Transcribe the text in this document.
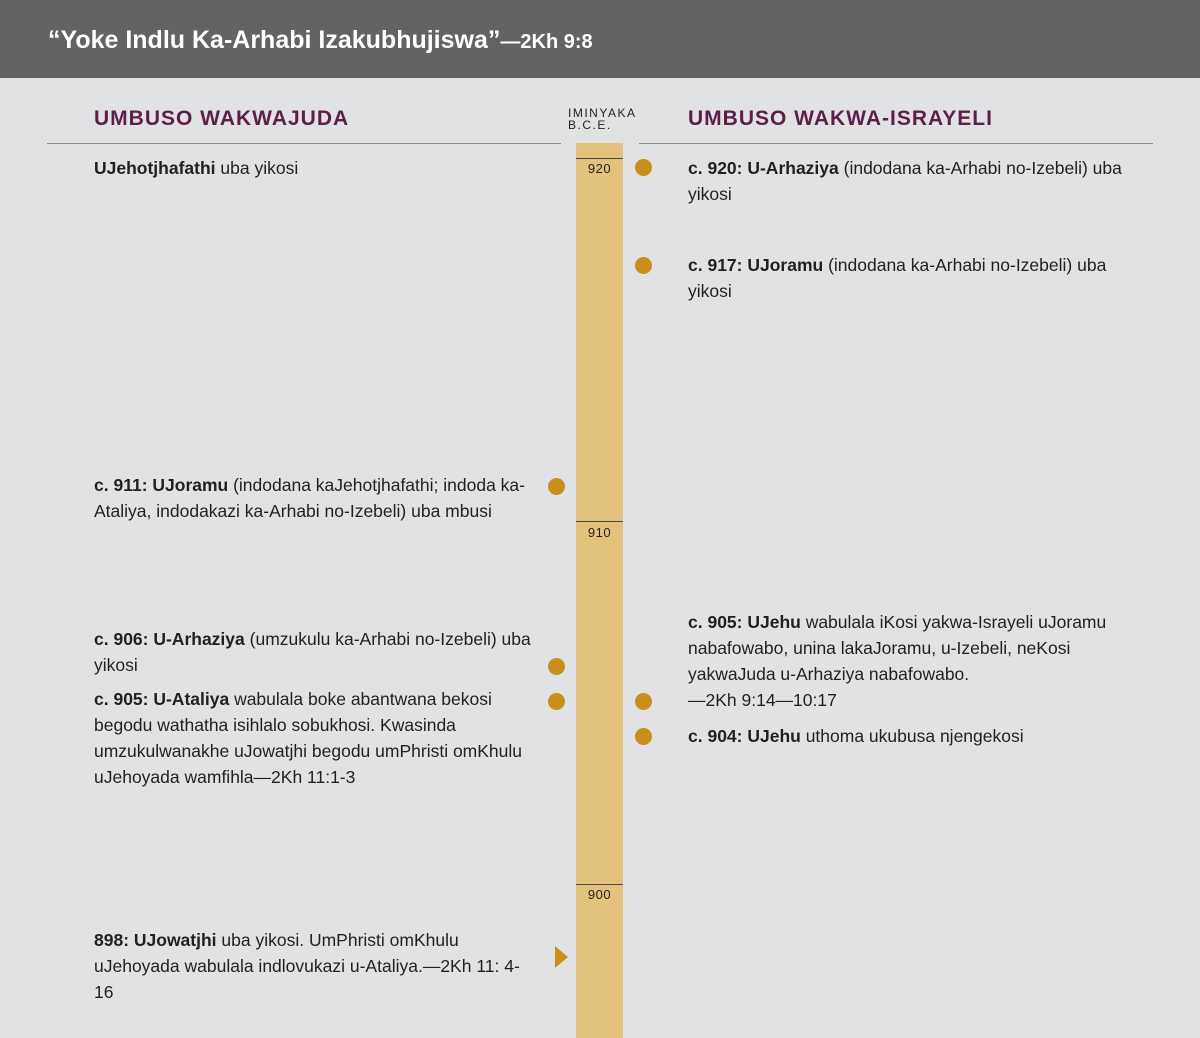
“Yoke Indlu Ka-Arhabi Izakubhujiswa”—2Kh 9:8
UMBUSO WAKWAJUDA	UMBUSO WAKWA-ISRAYELI
IMINYAKA
B.C.E.
920
910
900
UJehotjhafathi uba yikosi
c. 911: UJoramu (indodana kaJehotjhafathi; indoda ka-Ataliya, indodakazi ka-Arhabi no-Izebeli) uba mbusi
c. 906: U-Arhaziya (umzukulu ka-Arhabi no-Izebeli) uba yikosi
c. 905: U-Ataliya wabulala boke abantwana bekosi begodu wathatha isihlalo sobukhosi. Kwasinda umzukulwanakhe uJowatjhi begodu umPhristi omKhulu uJehoyada wamfihla—2Kh 11:1-3
898: UJowatjhi uba yikosi. UmPhristi omKhulu uJehoyada wabulala indlovukazi u-Ataliya.—2Kh 11: 4-16
c. 920: U-Arhaziya (indodana ka-Arhabi no-Izebeli) uba yikosi
c. 917: UJoramu (indodana ka-Arhabi no-Izebeli) uba yikosi
c. 905: UJehu wabulala iKosi yakwa-Israyeli uJoramu nabafowabo, unina lakaJoramu, u-Izebeli, neKosi yakwaJuda u-Arhaziya nabafowabo.
—2Kh 9:14—10:17
c. 904: UJehu uthoma ukubusa njengekosi
